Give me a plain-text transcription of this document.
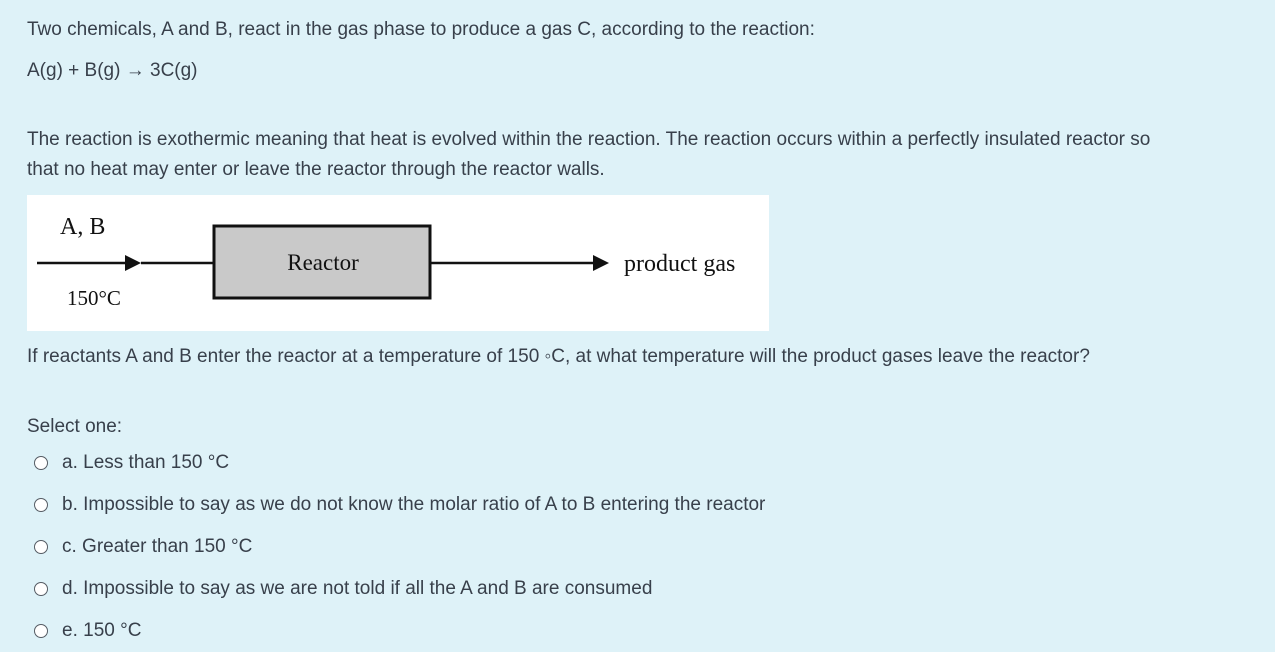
Two chemicals, A and B, react in the gas phase to produce a gas C, according to the reaction:
A(g) + B(g) → 3C(g)
The reaction is exothermic meaning that heat is evolved within the reaction. The reaction occurs within a perfectly insulated reactor so
that no heat may enter or leave the reactor through the reactor walls.
A, B
150°C
Reactor	product gas
If reactants A and B enter the reactor at a temperature of 150 ◦C, at what temperature will the product gases leave the reactor?
Select one:
a. Less than 150 °C
b. Impossible to say as we do not know the molar ratio of A to B entering the reactor
c. Greater than 150 °C
d. Impossible to say as we are not told if all the A and B are consumed
e. 150 °C
